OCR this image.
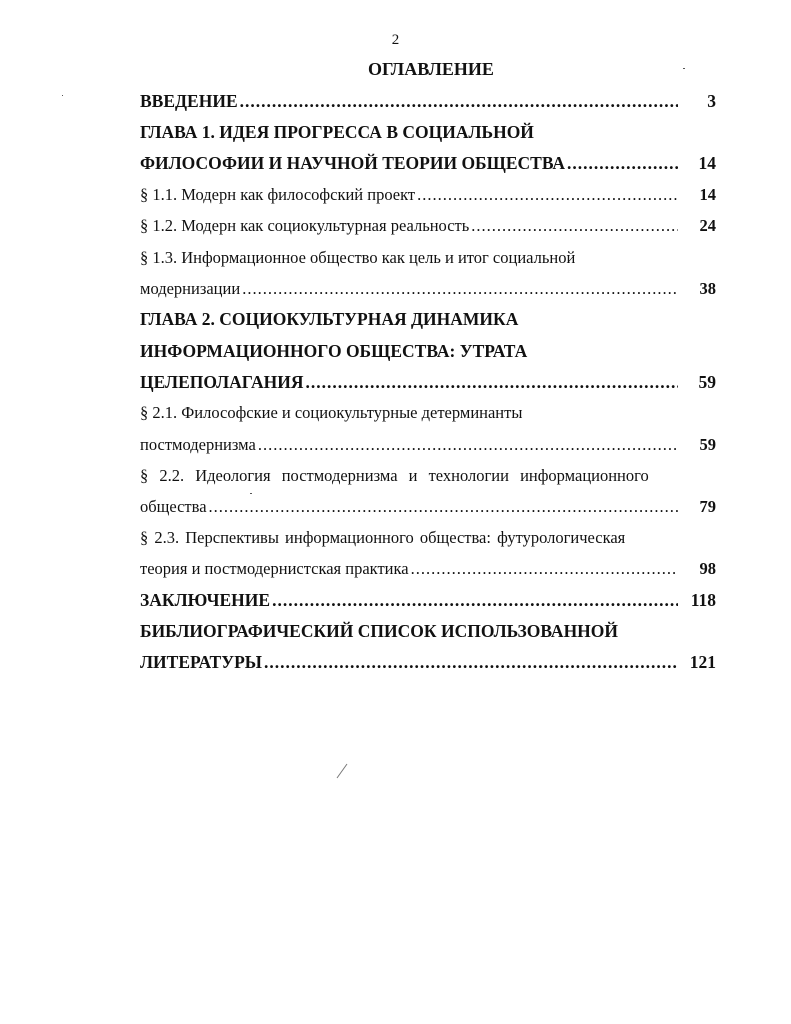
2
ОГЛАВЛЕНИЕ
ВВЕДЕНИЕ .....	3
ГЛАВА 1. ИДЕЯ ПРОГРЕССА В СОЦИАЛЬНОЙ
ФИЛОСОФИИ И НАУЧНОЙ ТЕОРИИ ОБЩЕСТВА .....	14
§ 1.1. Модерн как философский проект .....	14
§ 1.2. Модерн как социокультурная реальность .....	24
§ 1.3. Информационное общество как цель и итог социальной
модернизации .....	38
ГЛАВА 2. СОЦИОКУЛЬТУРНАЯ ДИНАМИКА
ИНФОРМАЦИОННОГО ОБЩЕСТВА: УТРАТА
ЦЕЛЕПОЛАГАНИЯ .....	59
§ 2.1. Философские и социокультурные детерминанты
постмодернизма .....	59
§ 2.2. Идеология постмодернизма и технологии информационного
общества .....	79
§ 2.3. Перспективы информационного общества: футурологическая
теория и постмодернистская практика .....	98
ЗАКЛЮЧЕНИЕ .....	118
БИБЛИОГРАФИЧЕСКИЙ СПИСОК ИСПОЛЬЗОВАННОЙ
ЛИТЕРАТУРЫ .....	121
